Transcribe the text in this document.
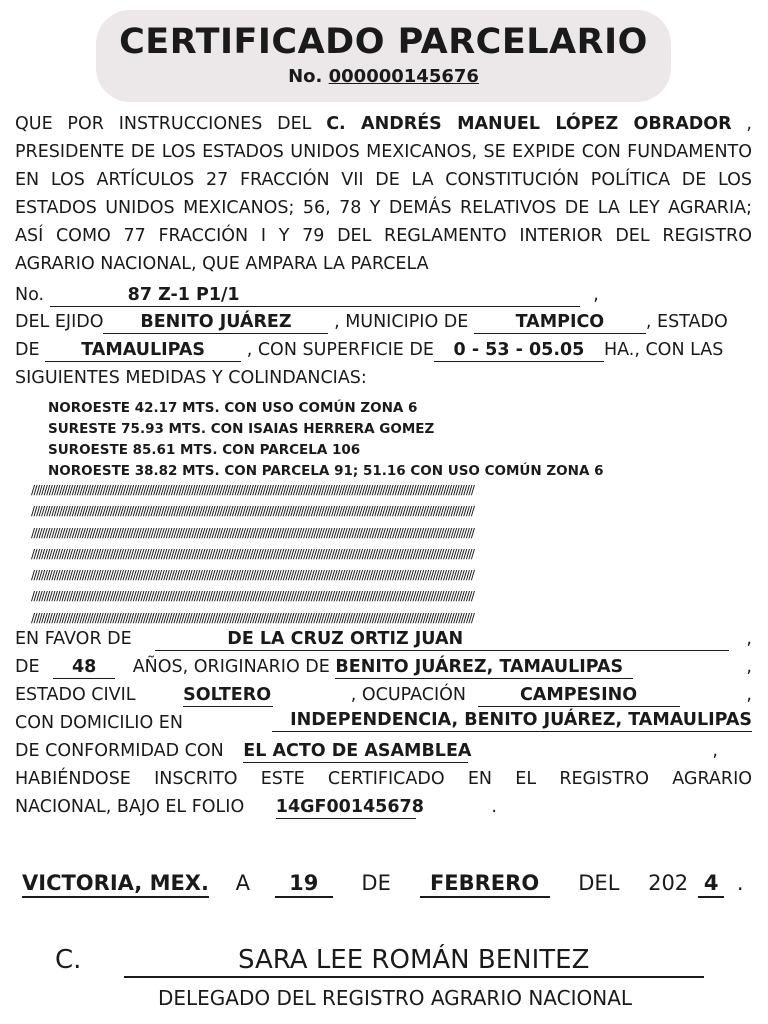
CERTIFICADO PARCELARIO
No. 000000145676
QUE POR INSTRUCCIONES DEL C. ANDRÉS MANUEL LÓPEZ OBRADOR , PRESIDENTE DE LOS ESTADOS UNIDOS MEXICANOS, SE EXPIDE CON FUNDAMENTO EN LOS ARTÍCULOS 27 FRACCIÓN VII DE LA CONSTITUCIÓN POLÍTICA DE LOS ESTADOS UNIDOS MEXICANOS; 56, 78 Y DEMÁS RELATIVOS DE LA LEY AGRARIA; ASÍ COMO 77 FRACCIÓN I Y 79 DEL REGLAMENTO INTERIOR DEL REGISTRO AGRARIO NACIONAL, QUE AMPARA LA PARCELA
No.	87 Z-1 P1/1	,
DEL EJIDO BENITO JUÁREZ , MUNICIPIO DE	TAMPICO , ESTADO
DE TAMAULIPAS , CON SUPERFICIE DE 0 - 53 - 05.05 HA., CON LAS
SIGUIENTES MEDIDAS Y COLINDANCIAS:
NOROESTE 42.17 MTS. CON USO COMÚN ZONA 6
SURESTE 75.93 MTS. CON ISAIAS HERRERA GOMEZ
SUROESTE 85.61 MTS. CON PARCELA 106
NOROESTE 38.82 MTS. CON PARCELA 91; 51.16 CON USO COMÚN ZONA 6
//////////////////////////////////////////////////////////////////////////////////////////////////////////////////////////////////////////////////////////////////////////////
//////////////////////////////////////////////////////////////////////////////////////////////////////////////////////////////////////////////////////////////////////////////
//////////////////////////////////////////////////////////////////////////////////////////////////////////////////////////////////////////////////////////////////////////////
//////////////////////////////////////////////////////////////////////////////////////////////////////////////////////////////////////////////////////////////////////////////
//////////////////////////////////////////////////////////////////////////////////////////////////////////////////////////////////////////////////////////////////////////////
//////////////////////////////////////////////////////////////////////////////////////////////////////////////////////////////////////////////////////////////////////////////
//////////////////////////////////////////////////////////////////////////////////////////////////////////////////////////////////////////////////////////////////////////////
EN FAVOR DE	DE LA CRUZ ORTIZ JUAN	,
DE 48 AÑOS, ORIGINARIO DE BENITO JUÁREZ, TAMAULIPAS	,
ESTADO CIVIL	SOLTERO	, OCUPACIÓN	CAMPESINO	,
CON DOMICILIO EN	INDEPENDENCIA, BENITO JUÁREZ, TAMAULIPAS
DE CONFORMIDAD CON EL ACTO DE ASAMBLEA	,
HABIÉNDOSE INSCRITO ESTE CERTIFICADO EN EL REGISTRO AGRARIO
NACIONAL, BAJO EL FOLIO 14GF00145678	.
VICTORIA, MEX. A 19 DE FEBRERO DEL 202 4 .
C.	SARA LEE ROMÁN BENITEZ
DELEGADO DEL REGISTRO AGRARIO NACIONAL
